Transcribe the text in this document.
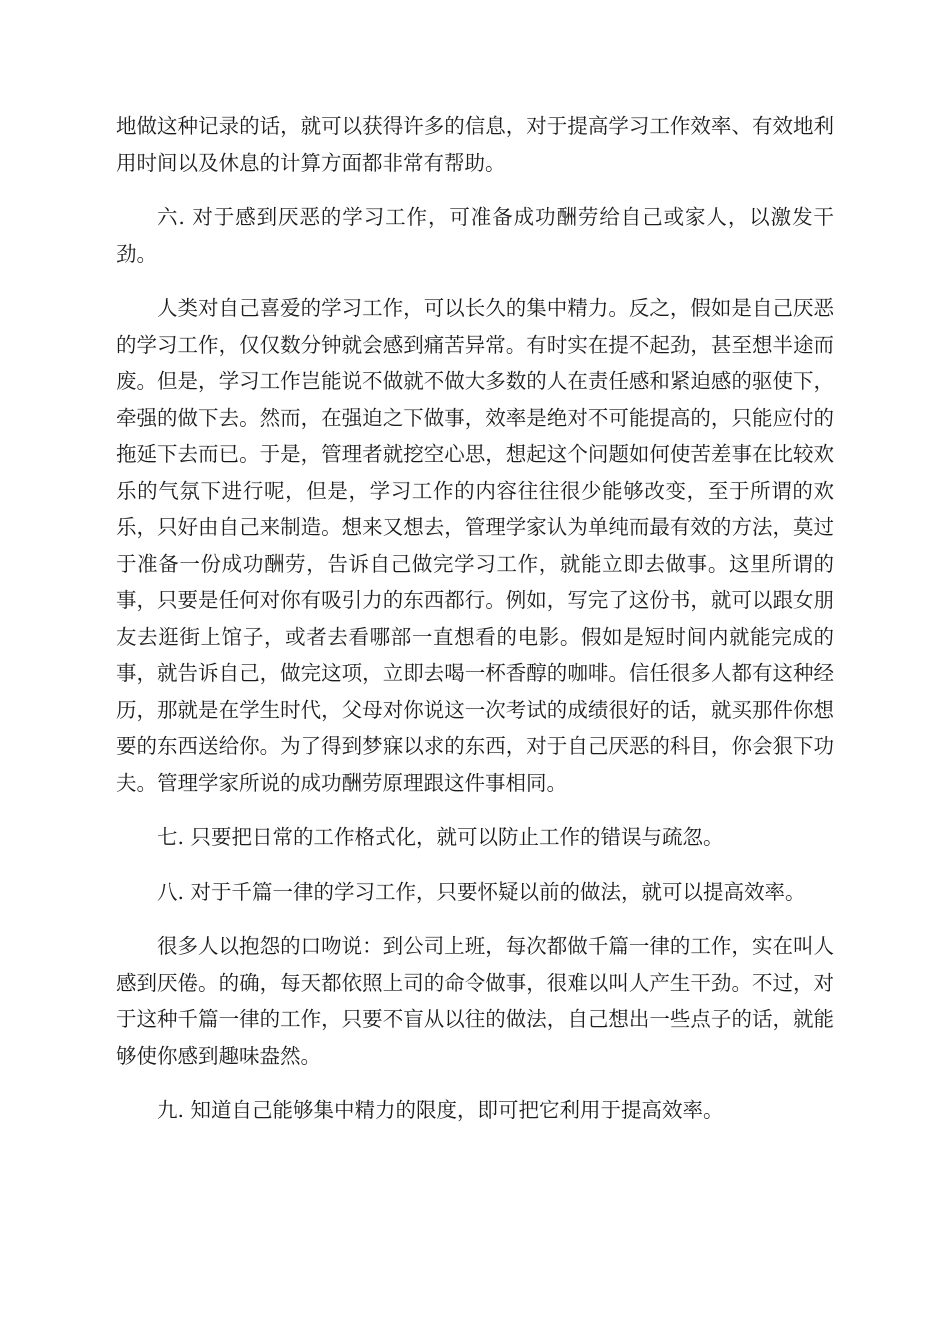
地做这种记录的话，就可以获得许多的信息，对于提高学习工作效率、有效地利用时间以及休息的计算方面都非常有帮助。

六. 对于感到厌恶的学习工作，可准备成功酬劳给自己或家人，以激发干劲。

人类对自己喜爱的学习工作，可以长久的集中精力。反之，假如是自己厌恶的学习工作，仅仅数分钟就会感到痛苦异常。有时实在提不起劲，甚至想半途而废。但是，学习工作岂能说不做就不做大多数的人在责任感和紧迫感的驱使下，牵强的做下去。然而，在强迫之下做事，效率是绝对不可能提高的，只能应付的拖延下去而已。于是，管理者就挖空心思，想起这个问题如何使苦差事在比较欢乐的气氛下进行呢，但是，学习工作的内容往往很少能够改变，至于所谓的欢乐，只好由自己来制造。想来又想去，管理学家认为单纯而最有效的方法，莫过于准备一份成功酬劳，告诉自己做完学习工作，就能立即去做事。这里所谓的事，只要是任何对你有吸引力的东西都行。例如，写完了这份书，就可以跟女朋友去逛街上馆子，或者去看哪部一直想看的电影。假如是短时间内就能完成的事，就告诉自己，做完这项，立即去喝一杯香醇的咖啡。信任很多人都有这种经历，那就是在学生时代，父母对你说这一次考试的成绩很好的话，就买那件你想要的东西送给你。为了得到梦寐以求的东西，对于自己厌恶的科目，你会狠下功夫。管理学家所说的成功酬劳原理跟这件事相同。

七. 只要把日常的工作格式化，就可以防止工作的错误与疏忽。

八. 对于千篇一律的学习工作，只要怀疑以前的做法，就可以提高效率。

很多人以抱怨的口吻说：到公司上班，每次都做千篇一律的工作，实在叫人感到厌倦。的确，每天都依照上司的命令做事，很难以叫人产生干劲。不过，对于这种千篇一律的工作，只要不盲从以往的做法，自己想出一些点子的话，就能够使你感到趣味盎然。

九. 知道自己能够集中精力的限度，即可把它利用于提高效率。
